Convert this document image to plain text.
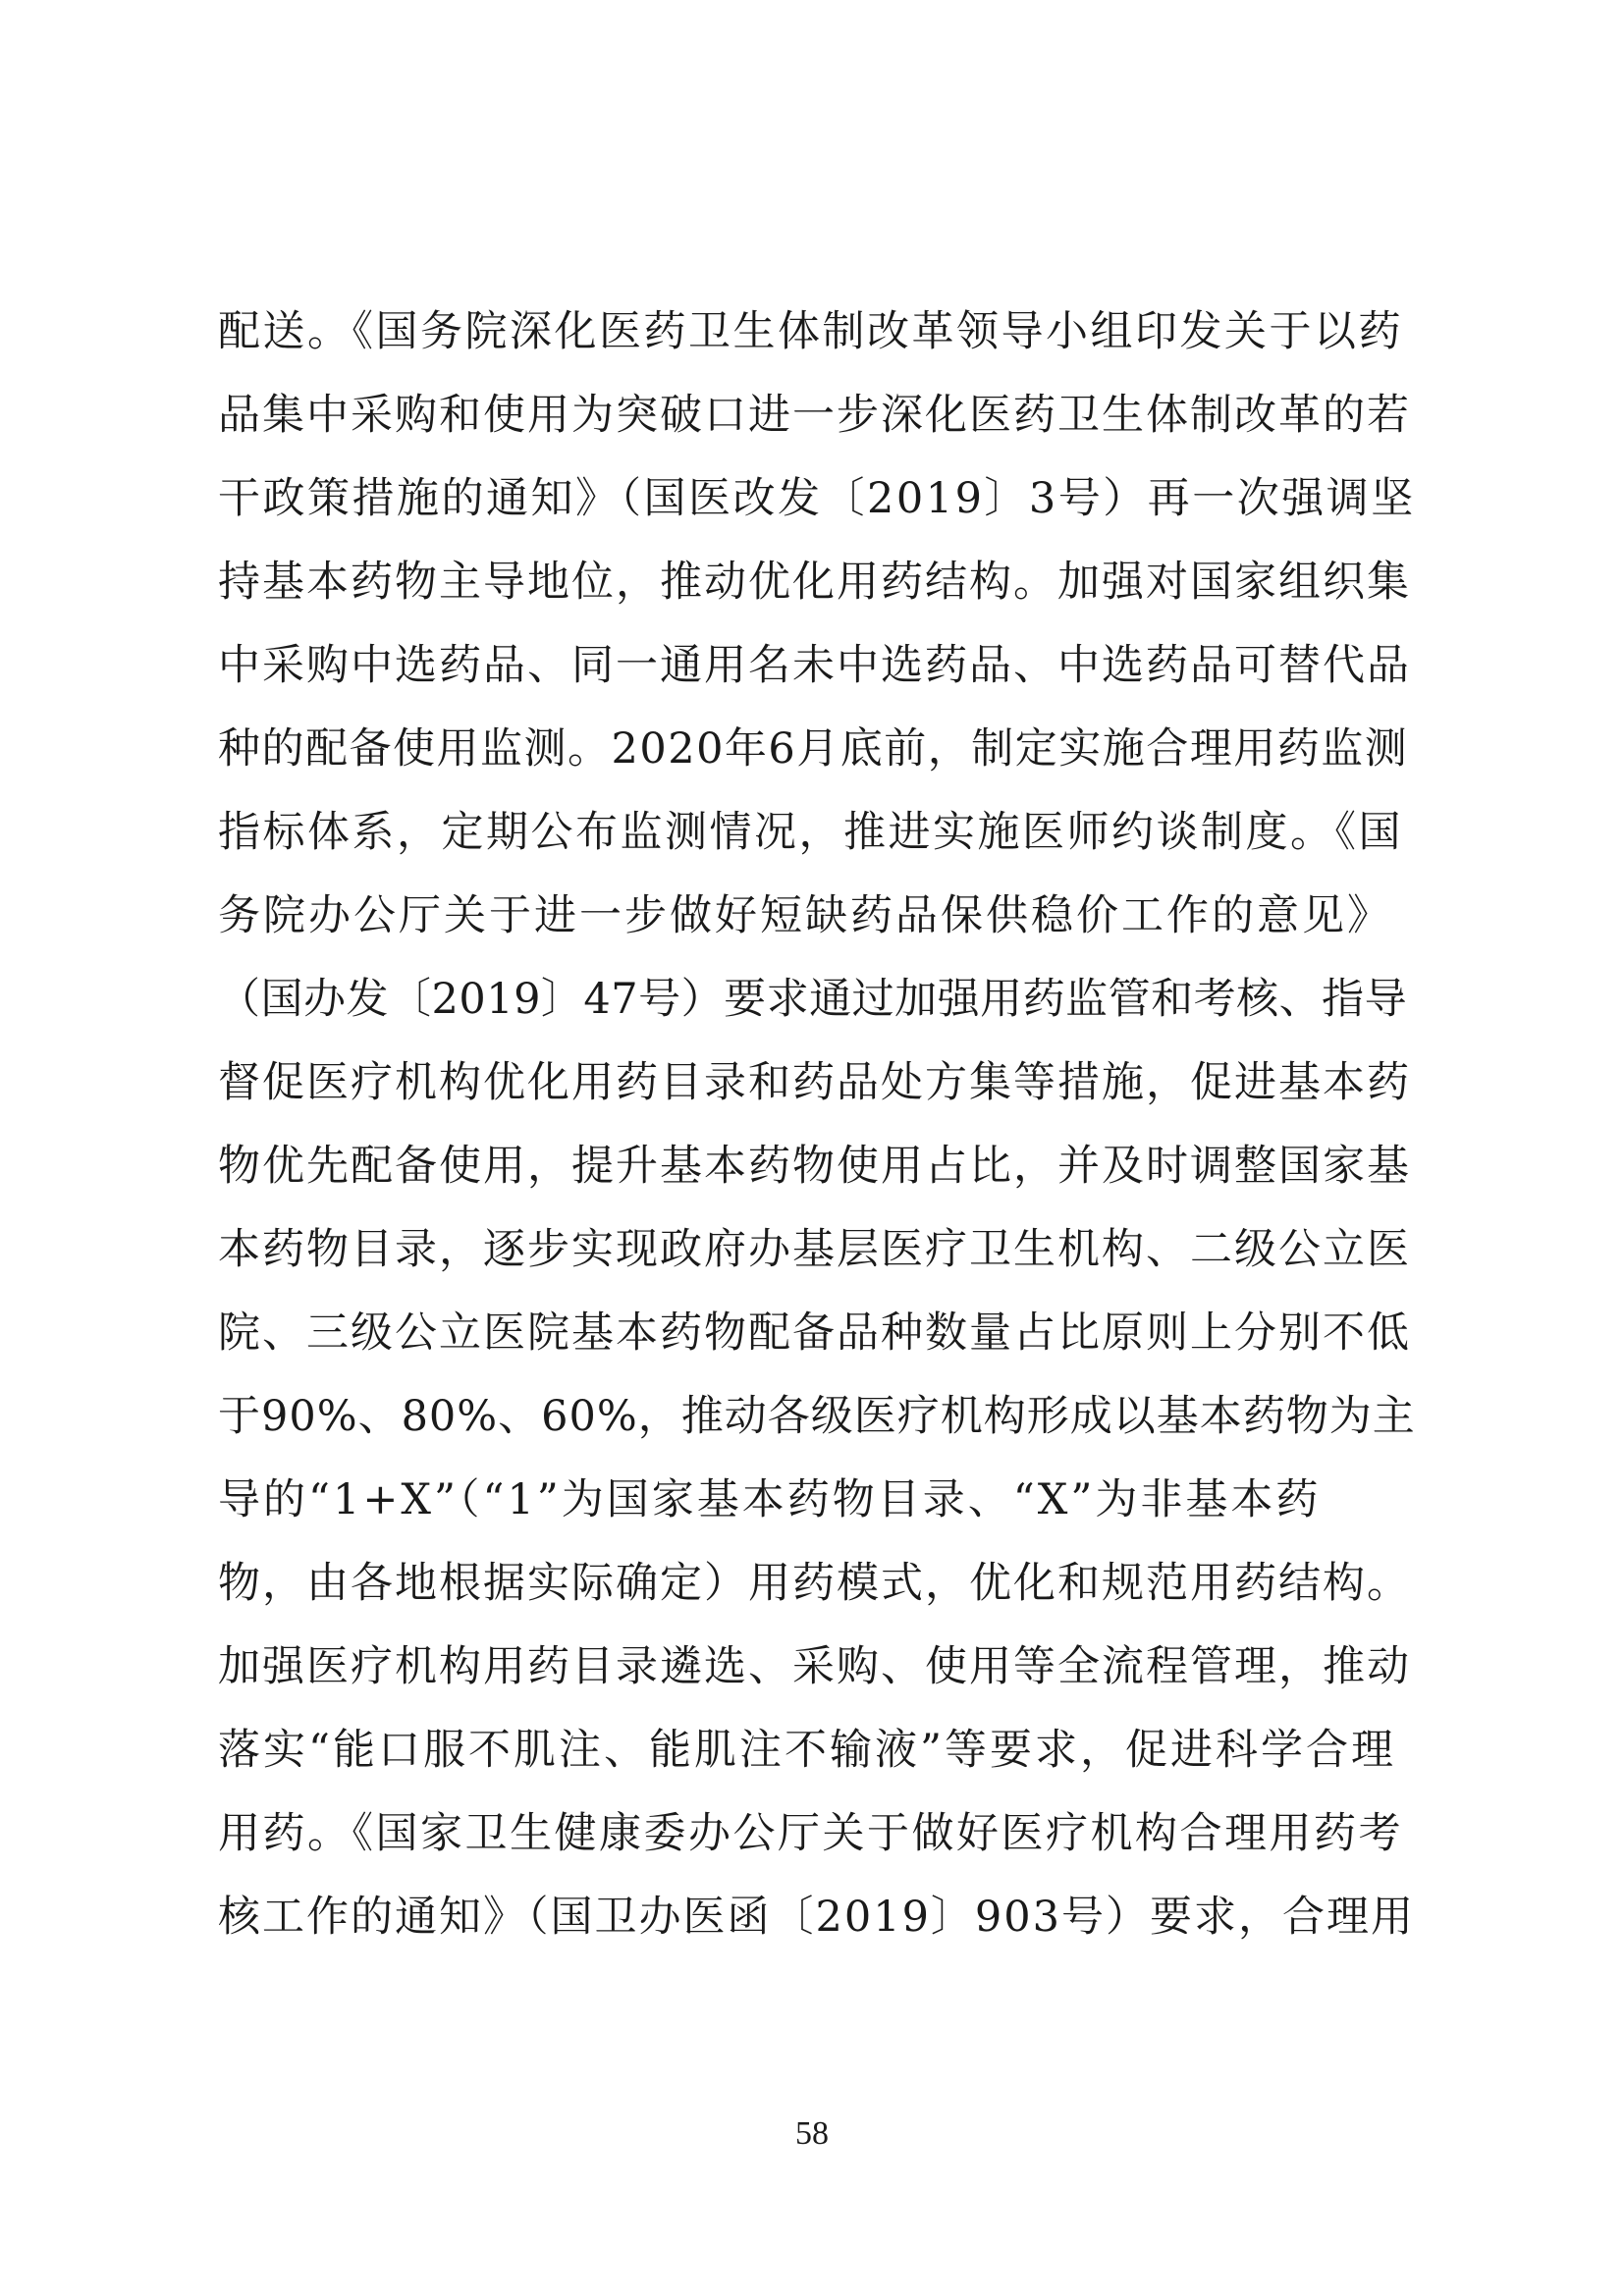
配送。《国务院深化医药卫生体制改革领导小组印发关于以药
品集中采购和使用为突破口进一步深化医药卫生体制改革的若
干政策措施的通知》（国医改发〔2019〕3号）再一次强调坚
持基本药物主导地位，推动优化用药结构。加强对国家组织集
中采购中选药品、同一通用名未中选药品、中选药品可替代品
种的配备使用监测。2020年6月底前，制定实施合理用药监测
指标体系，定期公布监测情况，推进实施医师约谈制度。《国
务院办公厅关于进一步做好短缺药品保供稳价工作的意见》
（国办发〔2019〕47号）要求通过加强用药监管和考核、指导
督促医疗机构优化用药目录和药品处方集等措施，促进基本药
物优先配备使用，提升基本药物使用占比，并及时调整国家基
本药物目录，逐步实现政府办基层医疗卫生机构、二级公立医
院、三级公立医院基本药物配备品种数量占比原则上分别不低
于90%、80%、60%，推动各级医疗机构形成以基本药物为主
导的“1+X”（“1”为国家基本药物目录、“X”为非基本药
物，由各地根据实际确定）用药模式，优化和规范用药结构。
加强医疗机构用药目录遴选、采购、使用等全流程管理，推动
落实“能口服不肌注、能肌注不输液”等要求，促进科学合理
用药。《国家卫生健康委办公厅关于做好医疗机构合理用药考
核工作的通知》（国卫办医函〔2019〕903号）要求，合理用
58
